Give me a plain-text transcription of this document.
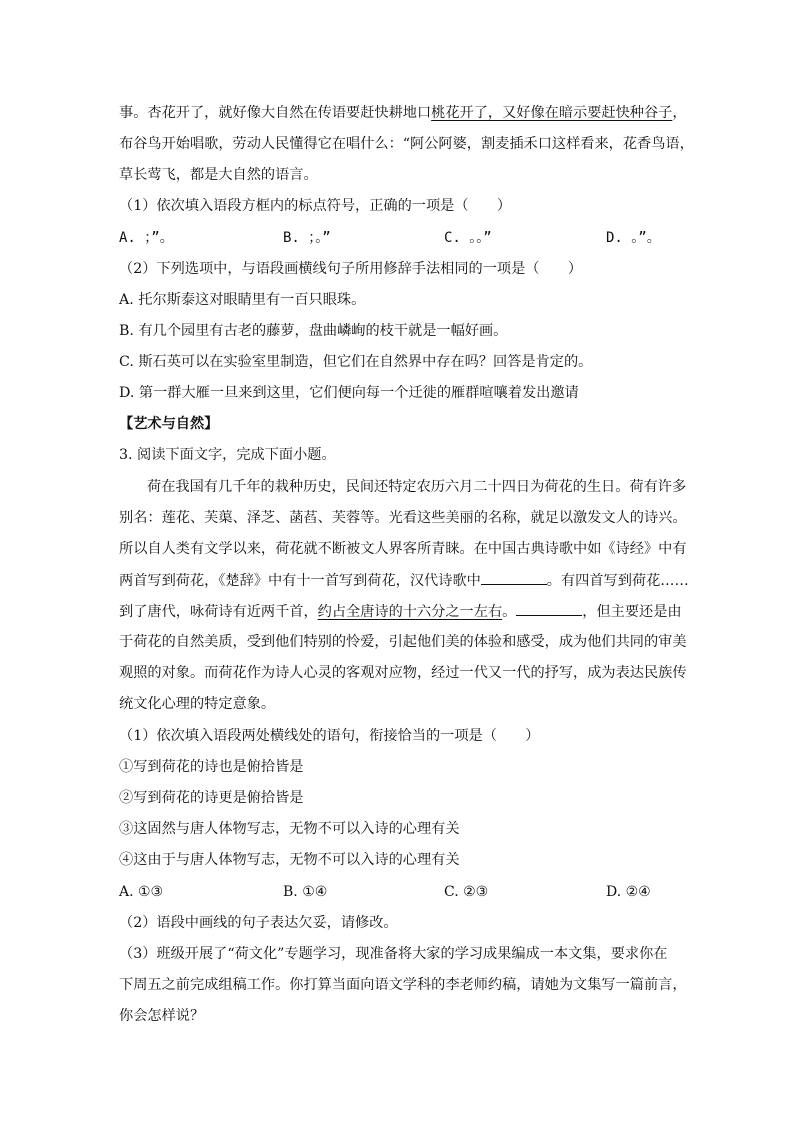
事。杏花开了，就好像大自然在传语要赶快耕地口桃花开了，又好像在暗示要赶快种谷子，
布谷鸟开始唱歌，劳动人民懂得它在唱什么：“阿公阿婆，割麦插禾口这样看来，花香鸟语，
草长莺飞，都是大自然的语言。
（1）依次填入语段方框内的标点符号，正确的一项是（　　）
A. ；”。	B. ；。”	C. 。。”	D. 。”。
（2）下列选项中，与语段画横线句子所用修辞手法相同的一项是（　　）
A. 托尔斯泰这对眼睛里有一百只眼珠。
B. 有几个园里有古老的藤萝，盘曲嶙峋的枝干就是一幅好画。
C. 斯石英可以在实验室里制造，但它们在自然界中存在吗？回答是肯定的。
D. 第一群大雁一旦来到这里，它们便向每一个迁徙的雁群喧嚷着发出邀请
【艺术与自然】
3. 阅读下面文字，完成下面小题。
荷在我国有几千年的栽种历史，民间还特定农历六月二十四日为荷花的生日。荷有许多
别名：莲花、芙蕖、泽芝、菡萏、芙蓉等。光看这些美丽的名称，就足以激发文人的诗兴。
所以自人类有文学以来，荷花就不断被文人界客所青睐。在中国古典诗歌中如《诗经》中有
两首写到荷花，《楚辞》中有十一首写到荷花，汉代诗歌中	。有四首写到荷花……
到了唐代，咏荷诗有近两千首，约占全唐诗的十六分之一左右。	，但主要还是由
于荷花的自然美质，受到他们特别的怜爱，引起他们美的体验和感受，成为他们共同的审美
观照的对象。而荷花作为诗人心灵的客观对应物，经过一代又一代的抒写，成为表达民族传
统文化心理的特定意象。
（1）依次填入语段两处横线处的语句，衔接恰当的一项是（　　）
①写到荷花的诗也是俯拾皆是
②写到荷花的诗更是俯拾皆是
③这固然与唐人体物写志，无物不可以入诗的心理有关
④这由于与唐人体物写志，无物不可以入诗的心理有关
A. ①③	B. ①④	C. ②③	D. ②④
（2）语段中画线的句子表达欠妥，请修改。
（3）班级开展了“荷文化”专题学习，现准备将大家的学习成果编成一本文集，要求你在
下周五之前完成组稿工作。你打算当面向语文学科的李老师约稿，请她为文集写一篇前言，
你会怎样说？
